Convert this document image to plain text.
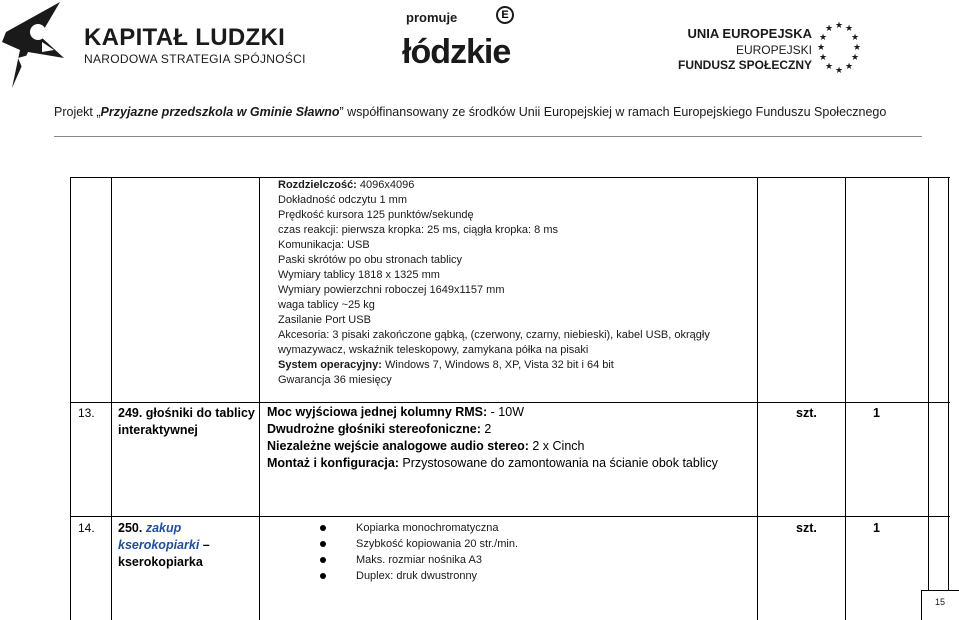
KAPITAŁ LUDZKI
NARODOWA STRATEGIA SPÓJNOŚCI
promuje
łódzkie
E
UNIA EUROPEJSKA
EUROPEJSKI
FUNDUSZ SPOŁECZNY
★ ★
★
★
★
★
★
★
★
★
★
★
Projekt „Przyjazne przedszkola w Gminie Sławno” współfinansowany ze środków Unii Europejskiej w ramach Europejskiego Funduszu Społecznego
Rozdzielczość: 4096x4096
Dokładność odczytu 1 mm
Prędkość kursora 125 punktów/sekundę
czas reakcji: pierwsza kropka: 25 ms, ciągła kropka: 8 ms
Komunikacja: USB
Paski skrótów po obu stronach tablicy
Wymiary tablicy 1818 x 1325 mm
Wymiary powierzchni roboczej 1649x1157 mm
waga tablicy ~25 kg
Zasilanie Port USB
Akcesoria: 3 pisaki zakończone gąbką, (czerwony, czarny, niebieski), kabel USB, okrągły
wymazywacz, wskaźnik teleskopowy, zamykana półka na pisaki
System operacyjny: Windows 7, Windows 8, XP, Vista 32 bit i 64 bit
Gwarancja 36 miesięcy
13. 249. głośniki do tablicy
interaktywnej
Moc wyjściowa jednej kolumny RMS: - 10W
Dwudrożne głośniki stereofoniczne: 2
Niezależne wejście analogowe audio stereo: 2 x Cinch
Montaż i konfiguracja: Przystosowane do zamontowania na ścianie obok tablicy
szt.	1
14. 250. zakup
kserokopiarki –
kserokopiarka
Kopiarka monochromatyczna
Szybkość kopiowania 20 str./min.
Maks. rozmiar nośnika A3
Duplex: druk dwustronny
szt.	1
15
